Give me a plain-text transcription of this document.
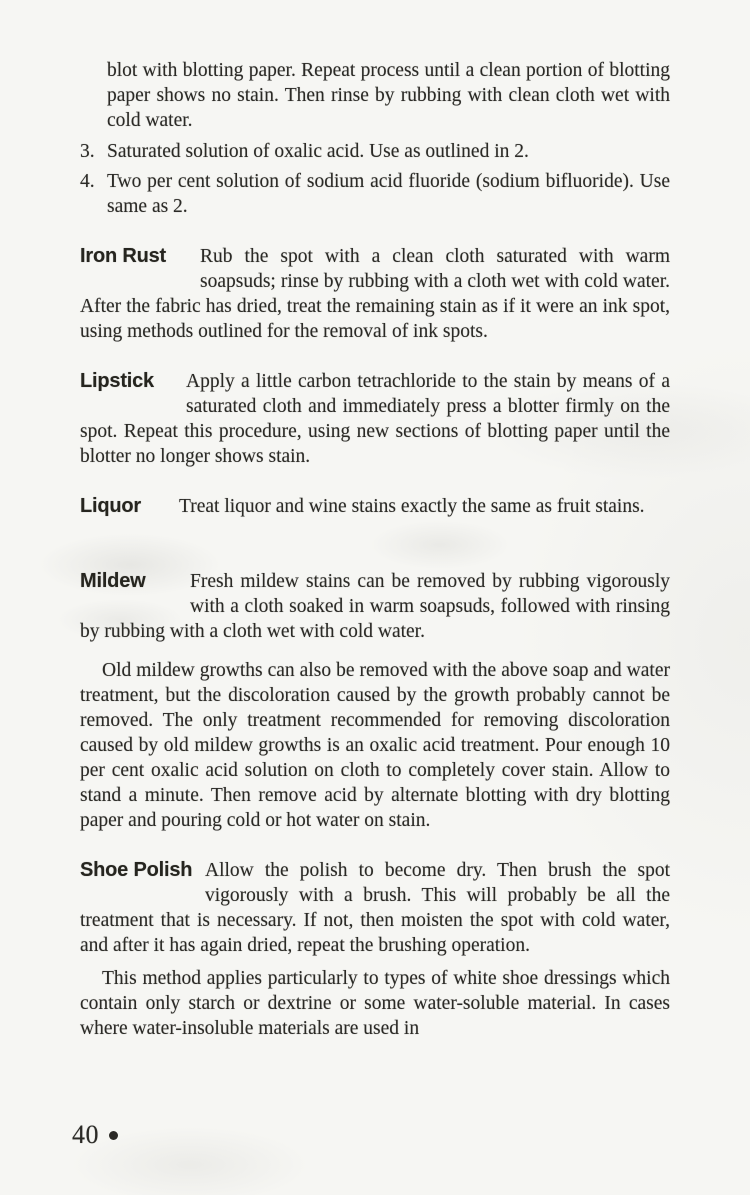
blot with blotting paper. Repeat process until a clean portion of blotting paper shows no stain. Then rinse by rubbing with clean cloth wet with cold water.

3. Saturated solution of oxalic acid. Use as outlined in 2.
4. Two per cent solution of sodium acid fluoride (sodium bifluoride). Use same as 2.
Iron Rust	Rub the spot with a clean cloth saturated with warm soapsuds; rinse by rubbing with a cloth wet with cold water. After the fabric has dried, treat the remaining stain as if it were an ink spot, using methods outlined for the removal of ink spots.

Lipstick	Apply a little carbon tetrachloride to the stain by means of a saturated cloth and immediately press a blotter firmly on the spot. Repeat this procedure, using new sections of blotting paper until the blotter no longer shows stain.

Liquor	Treat liquor and wine stains exactly the same as fruit stains.

Mildew	Fresh mildew stains can be removed by rubbing vigorously with a cloth soaked in warm soapsuds, followed with rinsing by rubbing with a cloth wet with cold water.

Old mildew growths can also be removed with the above soap and water treatment, but the discoloration caused by the growth probably cannot be removed. The only treatment recommended for removing discoloration caused by old mildew growths is an oxalic acid treatment. Pour enough 10 per cent oxalic acid solution on cloth to completely cover stain. Allow to stand a minute. Then remove acid by alternate blotting with dry blotting paper and pouring cold or hot water on stain.

Shoe Polish Allow the polish to become dry. Then brush the spot vigorously with a brush. This will probably be all the treatment that is necessary. If not, then moisten the spot with cold water, and after it has again dried, repeat the brushing operation.

This method applies particularly to types of white shoe dressings which contain only starch or dextrine or some water-soluble material. In cases where water-insoluble materials are used in

40
